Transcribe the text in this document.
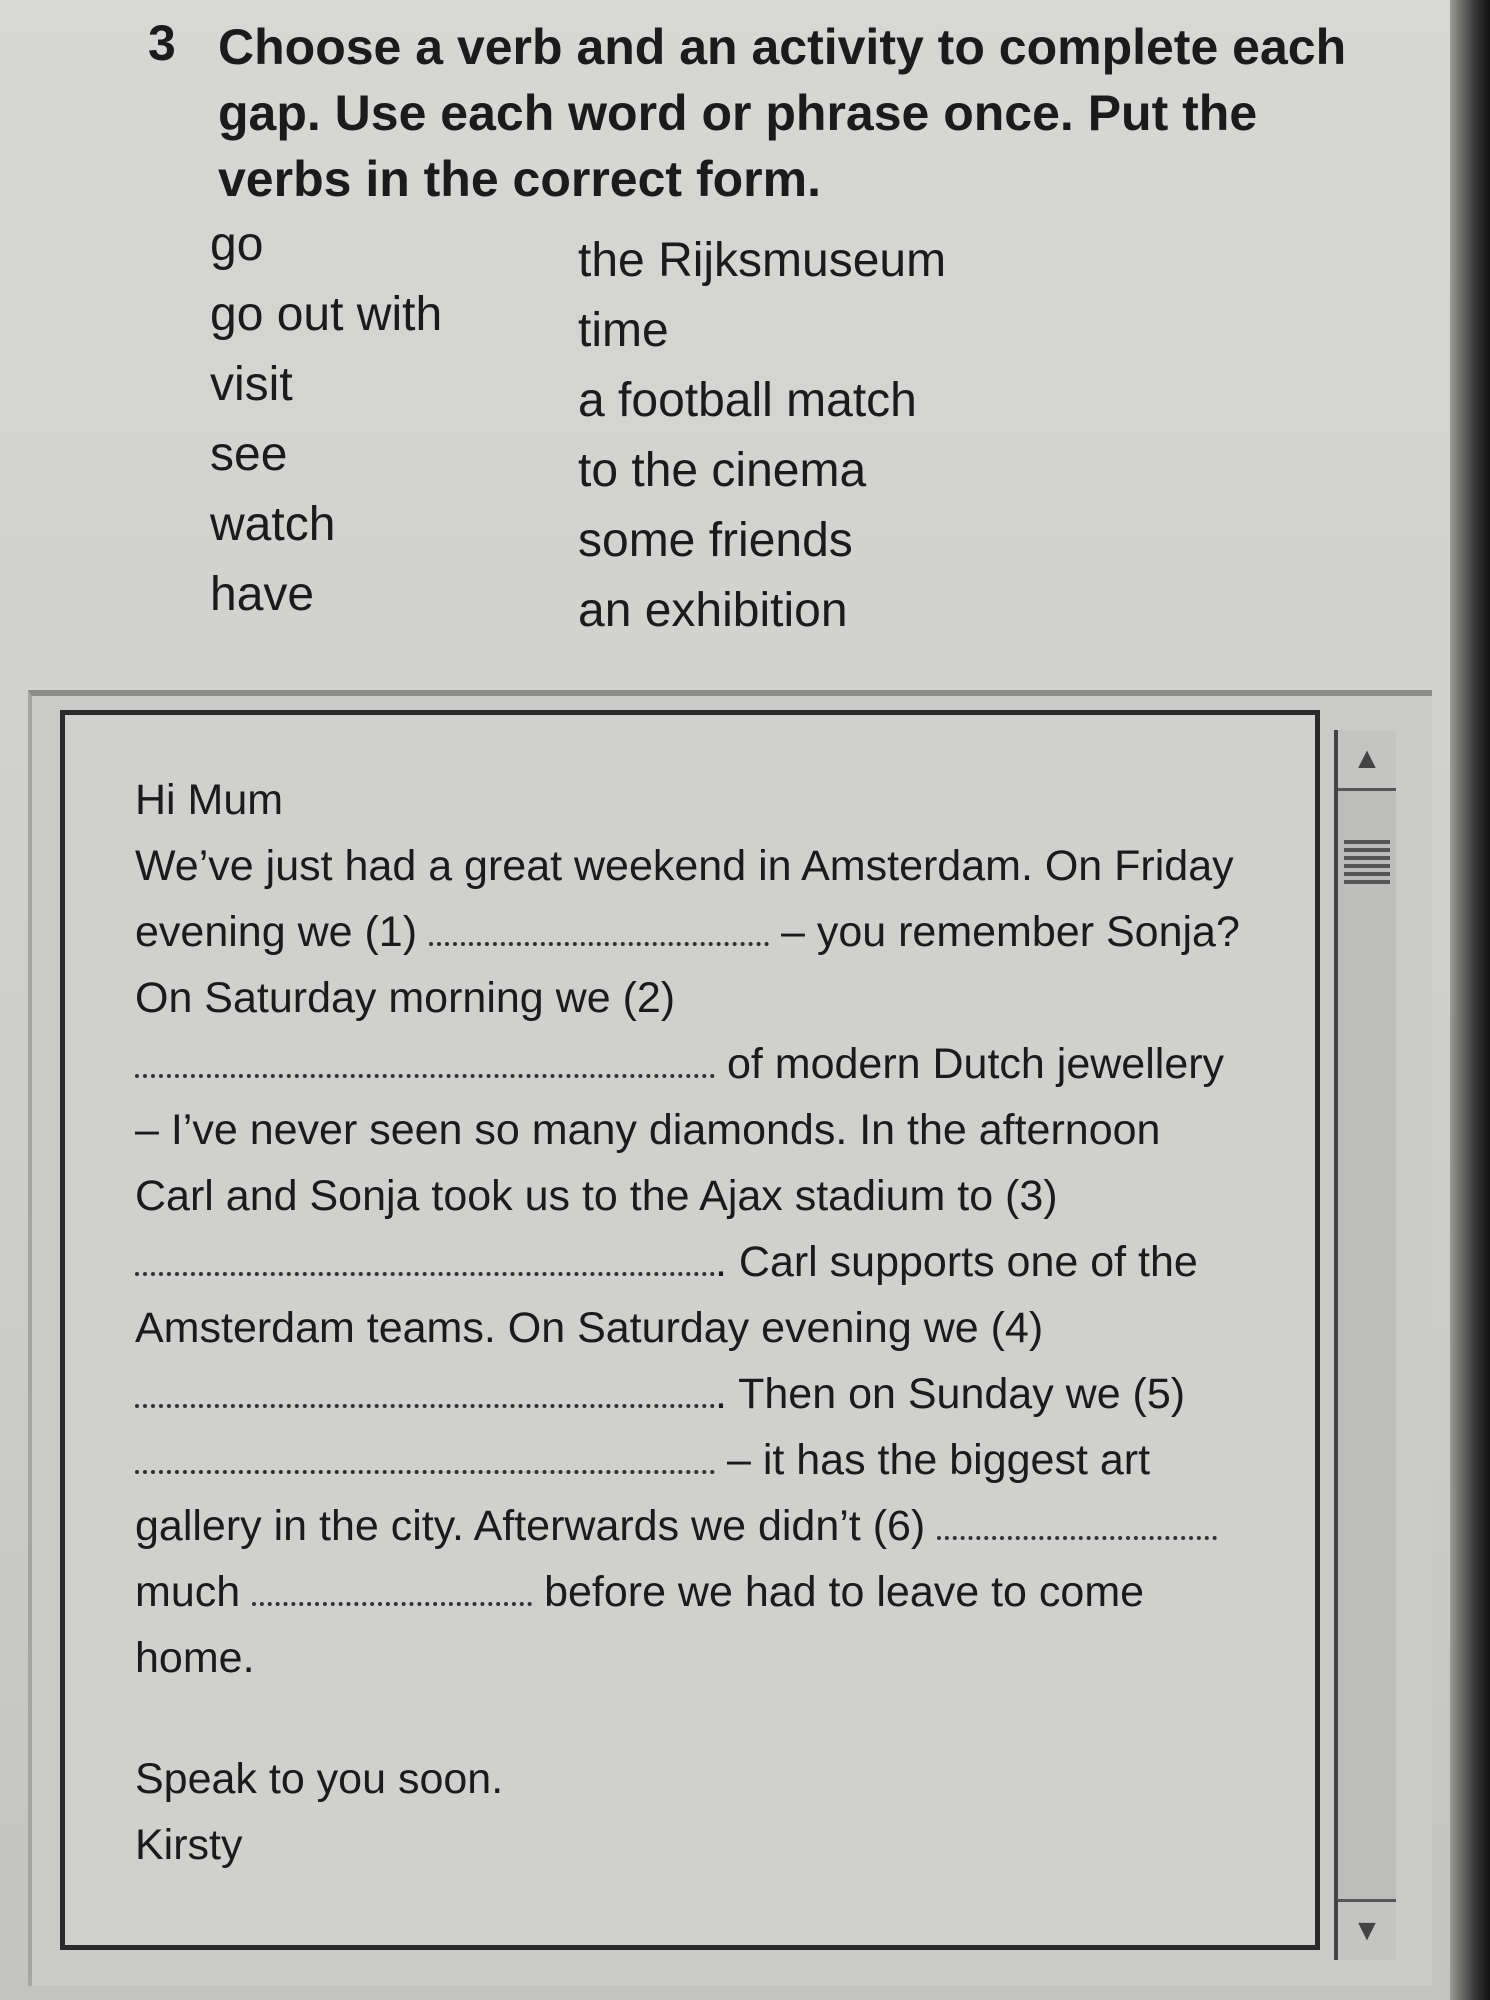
3 Choose a verb and an activity to complete each gap. Use each word or phrase once. Put the verbs in the correct form.
go
go out with
visit
see
watch
have
the Rijksmuseum
time
a football match
to the cinema
some friends
an exhibition

Hi Mum

We’ve just had a great weekend in Amsterdam. On Friday evening we (1)	– you remember Sonja? On Saturday morning we (2)  of modern Dutch jewellery – I’ve never seen so many diamonds. In the afternoon Carl and Sonja took us to the Ajax stadium to (3) . Carl supports one of the Amsterdam teams. On Saturday evening we (4) . Then on Sunday we (5)  – it has the biggest art gallery in the city. Afterwards we didn’t (6)  much	before we had to leave to come home.

Speak to you soon.

Kirsty

▲
▼
